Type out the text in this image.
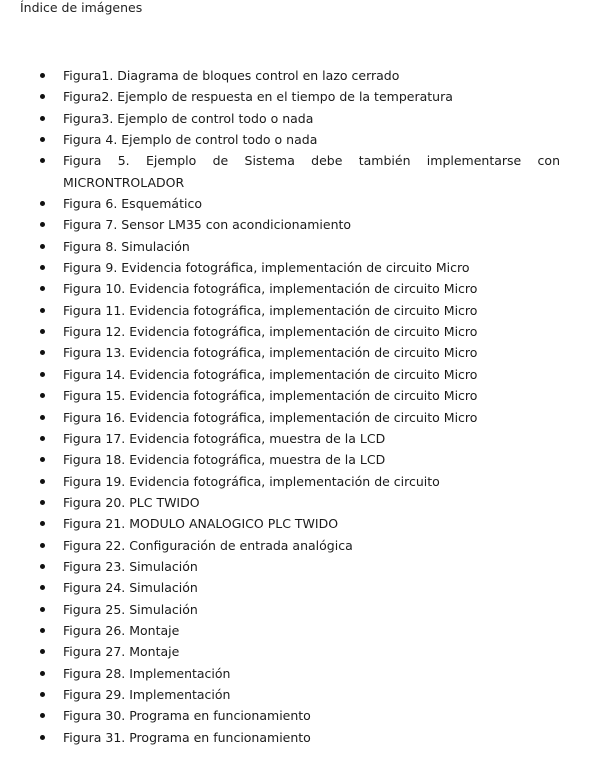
Índice de imágenes
Figura1. Diagrama de bloques control en lazo cerrado
Figura2. Ejemplo de respuesta en el tiempo de la temperatura
Figura3. Ejemplo de control todo o nada
Figura 4. Ejemplo de control todo o nada
Figura 5. Ejemplo de Sistema debe también implementarse con
MICRONTROLADOR
Figura 6. Esquemático
Figura 7. Sensor LM35 con acondicionamiento
Figura 8. Simulación
Figura 9. Evidencia fotográfica, implementación de circuito Micro
Figura 10. Evidencia fotográfica, implementación de circuito Micro
Figura 11. Evidencia fotográfica, implementación de circuito Micro
Figura 12. Evidencia fotográfica, implementación de circuito Micro
Figura 13. Evidencia fotográfica, implementación de circuito Micro
Figura 14. Evidencia fotográfica, implementación de circuito Micro
Figura 15. Evidencia fotográfica, implementación de circuito Micro
Figura 16. Evidencia fotográfica, implementación de circuito Micro
Figura 17. Evidencia fotográfica, muestra de la LCD
Figura 18. Evidencia fotográfica, muestra de la LCD
Figura 19. Evidencia fotográfica, implementación de circuito
Figura 20. PLC TWIDO
Figura 21. MODULO ANALOGICO PLC TWIDO
Figura 22. Configuración de entrada analógica
Figura 23. Simulación
Figura 24. Simulación
Figura 25. Simulación
Figura 26. Montaje
Figura 27. Montaje
Figura 28. Implementación
Figura 29. Implementación
Figura 30. Programa en funcionamiento
Figura 31. Programa en funcionamiento
